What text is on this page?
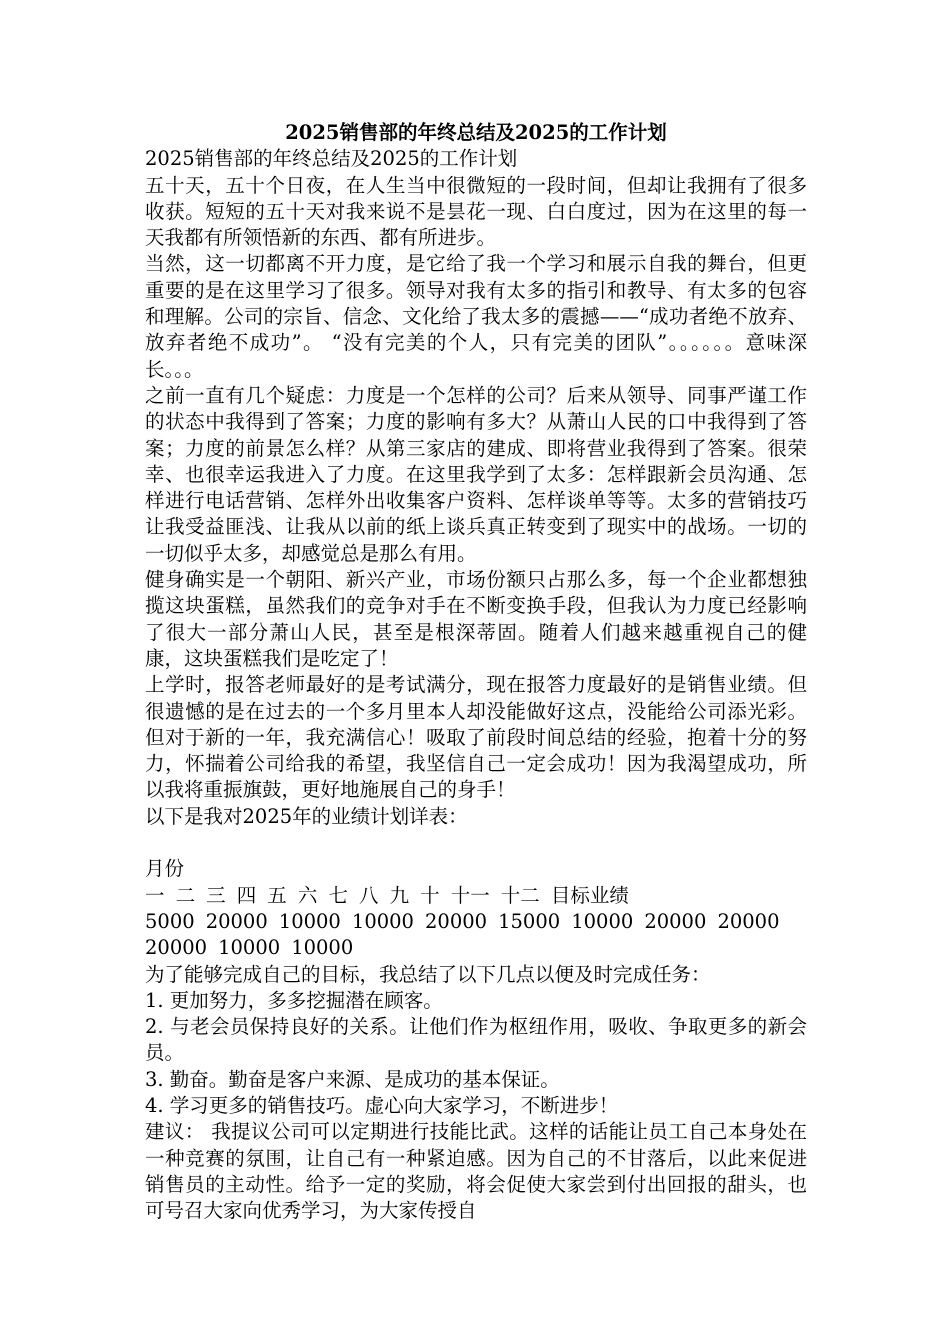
2025销售部的年终总结及2025的工作计划

2025销售部的年终总结及2025的工作计划

五十天，五十个日夜，在人生当中很微短的一段时间，但却让我拥有了很多收获。短短的五十天对我来说不是昙花一现、白白度过，因为在这里的每一天我都有所领悟新的东西、都有所进步。

当然，这一切都离不开力度，是它给了我一个学习和展示自我的舞台，但更重要的是在这里学习了很多。领导对我有太多的指引和教导、有太多的包容和理解。公司的宗旨、信念、文化给了我太多的震撼——“成功者绝不放弃、放弃者绝不成功”。 “没有完美的个人，只有完美的团队”。。。。。。意味深长。。。

之前一直有几个疑虑：力度是一个怎样的公司？后来从领导、同事严谨工作的状态中我得到了答案；力度的影响有多大？从萧山人民的口中我得到了答案；力度的前景怎么样？从第三家店的建成、即将营业我得到了答案。很荣幸、也很幸运我进入了力度。在这里我学到了太多：怎样跟新会员沟通、怎样进行电话营销、怎样外出收集客户资料、怎样谈单等等。太多的营销技巧让我受益匪浅、让我从以前的纸上谈兵真正转变到了现实中的战场。一切的一切似乎太多，却感觉总是那么有用。

健身确实是一个朝阳、新兴产业，市场份额只占那么多，每一个企业都想独揽这块蛋糕，虽然我们的竞争对手在不断变换手段，但我认为力度已经影响了很大一部分萧山人民，甚至是根深蒂固。随着人们越来越重视自己的健康，这块蛋糕我们是吃定了！

上学时，报答老师最好的是考试满分，现在报答力度最好的是销售业绩。但很遗憾的是在过去的一个多月里本人却没能做好这点，没能给公司添光彩。但对于新的一年，我充满信心！吸取了前段时间总结的经验，抱着十分的努力，怀揣着公司给我的希望，我坚信自己一定会成功！因为我渴望成功，所以我将重振旗鼓，更好地施展自己的身手！

以下是我对2025年的业绩计划详表：

月份

一 二 三 四 五 六 七 八 九 十 十一 十二 目标业绩

5000 20000 10000 10000 20000 15000 10000 20000 20000 20000 10000 10000

为了能够完成自己的目标，我总结了以下几点以便及时完成任务：

1. 更加努力，多多挖掘潜在顾客。

2. 与老会员保持良好的关系。让他们作为枢纽作用，吸收、争取更多的新会员。

3. 勤奋。勤奋是客户来源、是成功的基本保证。

4. 学习更多的销售技巧。虚心向大家学习，不断进步！

建议： 我提议公司可以定期进行技能比武。这样的话能让员工自己本身处在一种竞赛的氛围，让自己有一种紧迫感。因为自己的不甘落后，以此来促进销售员的主动性。给予一定的奖励，将会促使大家尝到付出回报的甜头，也可号召大家向优秀学习，为大家传授自
